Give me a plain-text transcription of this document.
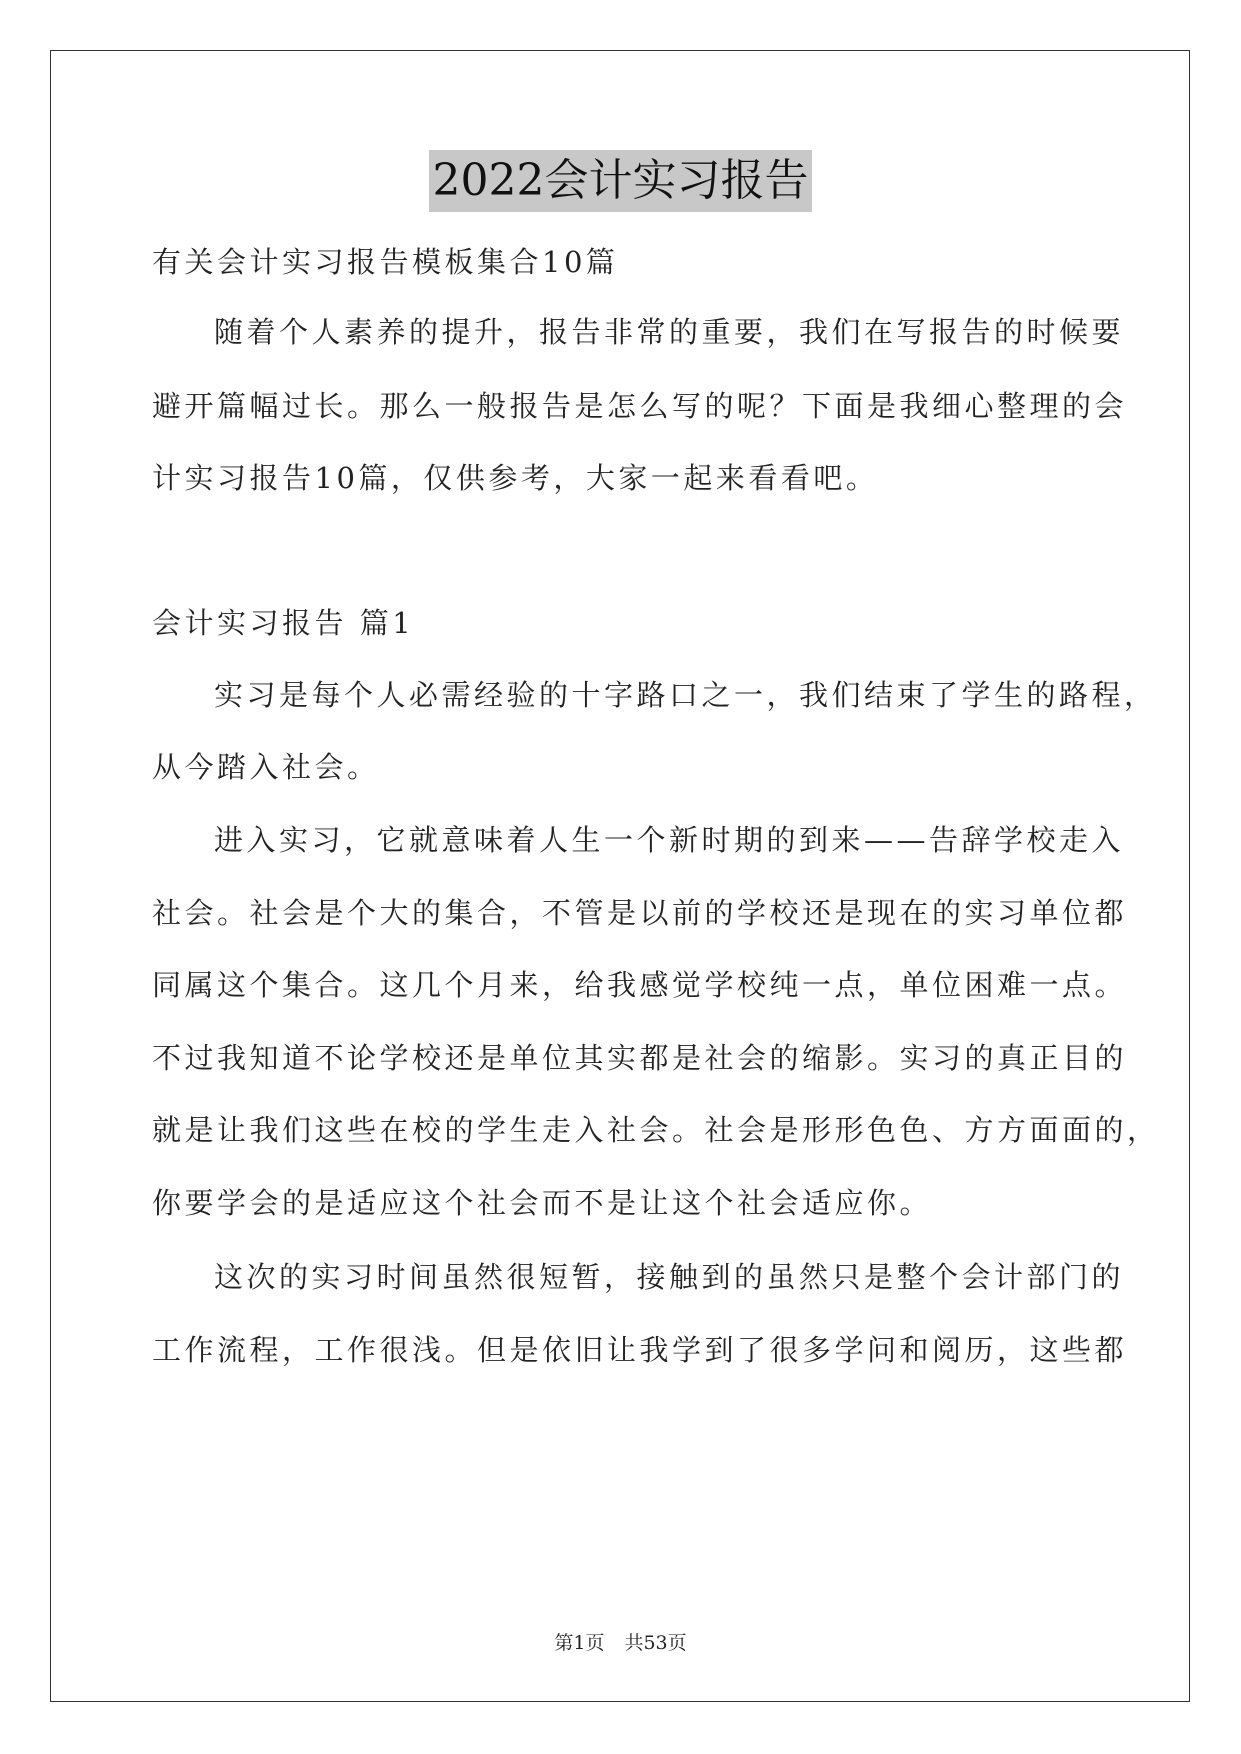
2022会计实习报告
有关会计实习报告模板集合10篇
随着个人素养的提升，报告非常的重要，我们在写报告的时候要
避开篇幅过长。那么一般报告是怎么写的呢？下面是我细心整理的会
计实习报告10篇，仅供参考，大家一起来看看吧。
会计实习报告 篇1
实习是每个人必需经验的十字路口之一，我们结束了学生的路程，
从今踏入社会。
进入实习，它就意味着人生一个新时期的到来——告辞学校走入
社会。社会是个大的集合，不管是以前的学校还是现在的实习单位都
同属这个集合。这几个月来，给我感觉学校纯一点，单位困难一点。
不过我知道不论学校还是单位其实都是社会的缩影。实习的真正目的
就是让我们这些在校的学生走入社会。社会是形形色色、方方面面的，
你要学会的是适应这个社会而不是让这个社会适应你。
这次的实习时间虽然很短暂，接触到的虽然只是整个会计部门的
工作流程，工作很浅。但是依旧让我学到了很多学问和阅历，这些都
第1页 共53页
